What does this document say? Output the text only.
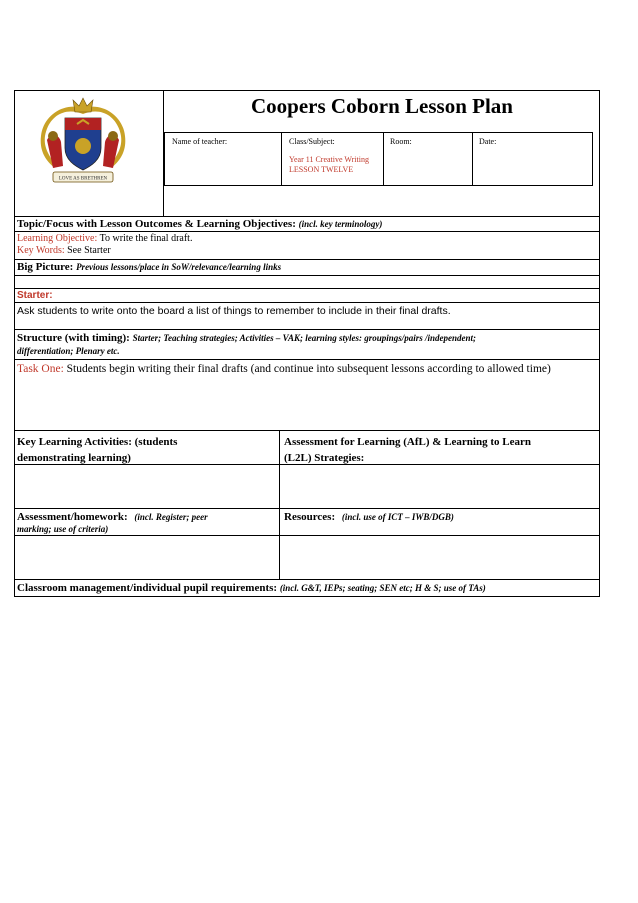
LOVE AS BRETHREN
Coopers Coborn Lesson Plan
Name of teacher:	Class/Subject:
Year 11 Creative Writing
LESSON TWELVE
Room:	Date:
Topic/Focus with Lesson Outcomes & Learning Objectives: (incl. key terminology)
Learning Objective: To write the final draft.
Key Words: See Starter
Big Picture: Previous lessons/place in SoW/relevance/learning links
Starter:
Ask students to write onto the board a list of things to remember to include in their final drafts.
Structure (with timing): Starter; Teaching strategies; Activities – VAK; learning styles: groupings/pairs /independent;
differentiation; Plenary etc.
Task One: Students begin writing their final drafts (and continue into subsequent lessons according to allowed time)
Key Learning Activities: (students
demonstrating learning)
Assessment for Learning (AfL) & Learning to Learn
(L2L) Strategies:
Assessment/homework: (incl. Register; peer
marking; use of criteria)
Resources: (incl. use of ICT – IWB/DGB)
Classroom management/individual pupil requirements: (incl. G&T, IEPs; seating; SEN etc; H & S; use of TAs)
